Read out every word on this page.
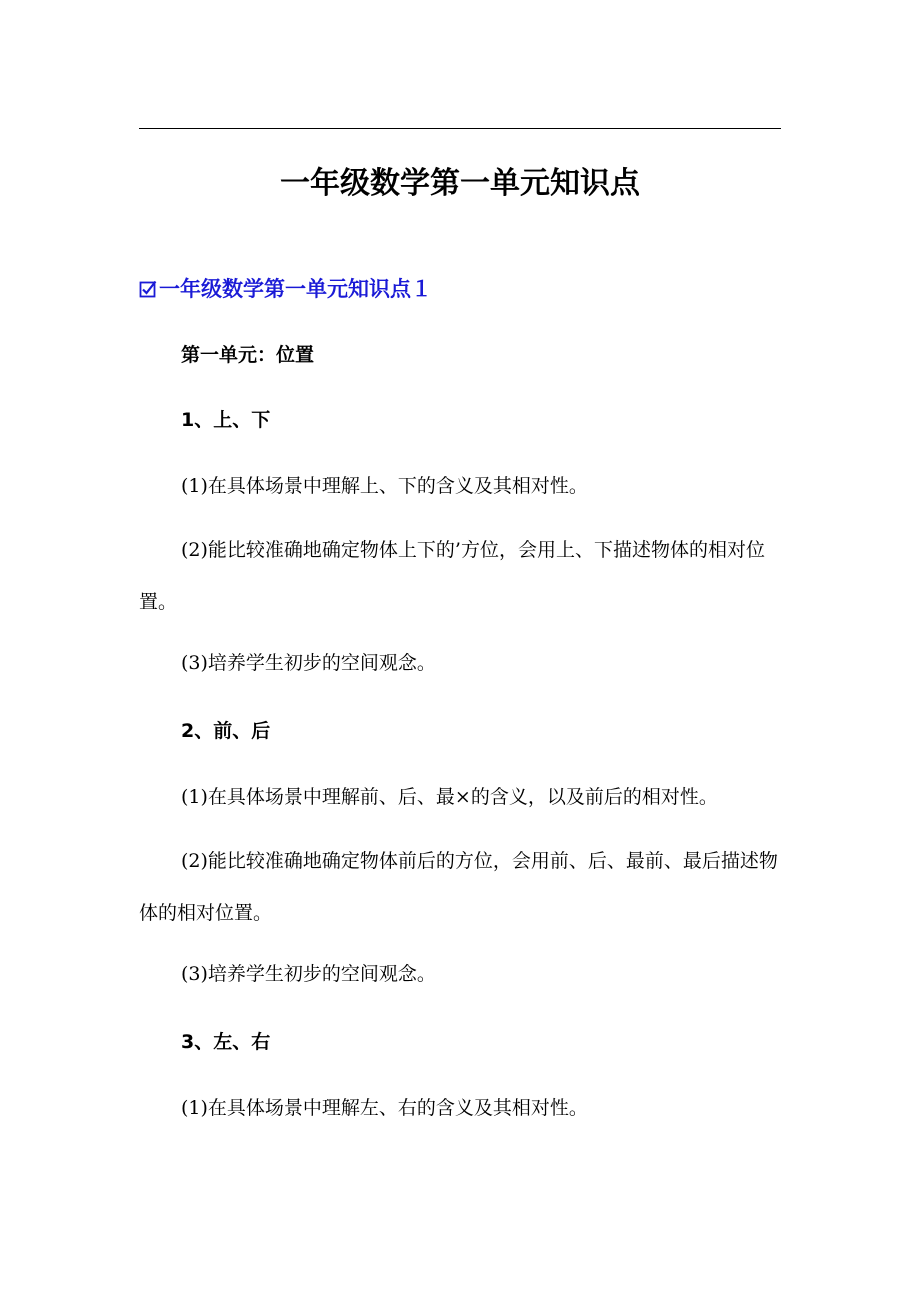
一年级数学第一单元知识点
一年级数学第一单元知识点１
第一单元：位置
1、上、下
(1)在具体场景中理解上、下的含义及其相对性。
(2)能比较准确地确定物体上下的’方位，会用上、下描述物体的相对位置。
(3)培养学生初步的空间观念。
2、前、后
(1)在具体场景中理解前、后、最×的含义，以及前后的相对性。
(2)能比较准确地确定物体前后的方位，会用前、后、最前、最后描述物体的相对位置。
(3)培养学生初步的空间观念。
3、左、右
(1)在具体场景中理解左、右的含义及其相对性。
